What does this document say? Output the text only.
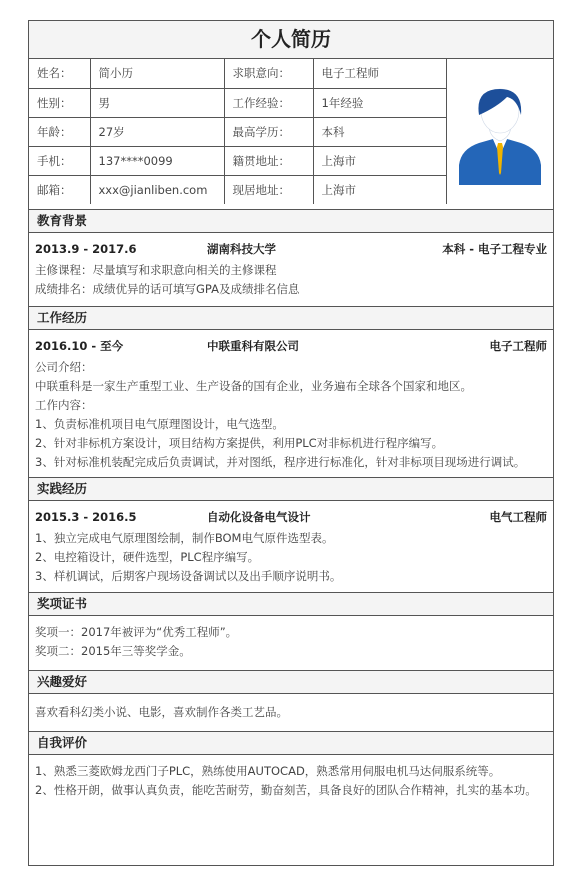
个人简历
姓名：	简小历	求职意向：	电子工程师
性别：	男	工作经验：	1年经验
年龄：	27岁	最高学历：	本科
手机：	137****0099	籍贯地址：	上海市
邮箱：	xxx@jianliben.com	现居地址：	上海市
教育背景
2013.9 - 2017.6	湖南科技大学	本科 - 电子工程专业
主修课程：尽量填写和求职意向相关的主修课程
成绩排名：成绩优异的话可填写GPA及成绩排名信息
工作经历
2016.10 - 至今	中联重科有限公司	电子工程师
公司介绍：
中联重科是一家生产重型工业、生产设备的国有企业，业务遍布全球各个国家和地区。
工作内容：
1、负责标准机项目电气原理图设计，电气选型。
2、针对非标机方案设计，项目结构方案提供，利用PLC对非标机进行程序编写。
3、针对标准机装配完成后负责调试，并对图纸，程序进行标准化，针对非标项目现场进行调试。
实践经历
2015.3 - 2016.5	自动化设备电气设计	电气工程师
1、独立完成电气原理图绘制，制作BOM电气原件选型表。
2、电控箱设计，硬件选型，PLC程序编写。
3、样机调试，后期客户现场设备调试以及出手顺序说明书。
奖项证书
奖项一：2017年被评为“优秀工程师”。
奖项二：2015年三等奖学金。
兴趣爱好
喜欢看科幻类小说、电影，喜欢制作各类工艺品。
自我评价
1、熟悉三菱欧姆龙西门子PLC，熟练使用AUTOCAD，熟悉常用伺服电机马达伺服系统等。
2、性格开朗，做事认真负责，能吃苦耐劳，勤奋刻苦，具备良好的团队合作精神，扎实的基本功。
